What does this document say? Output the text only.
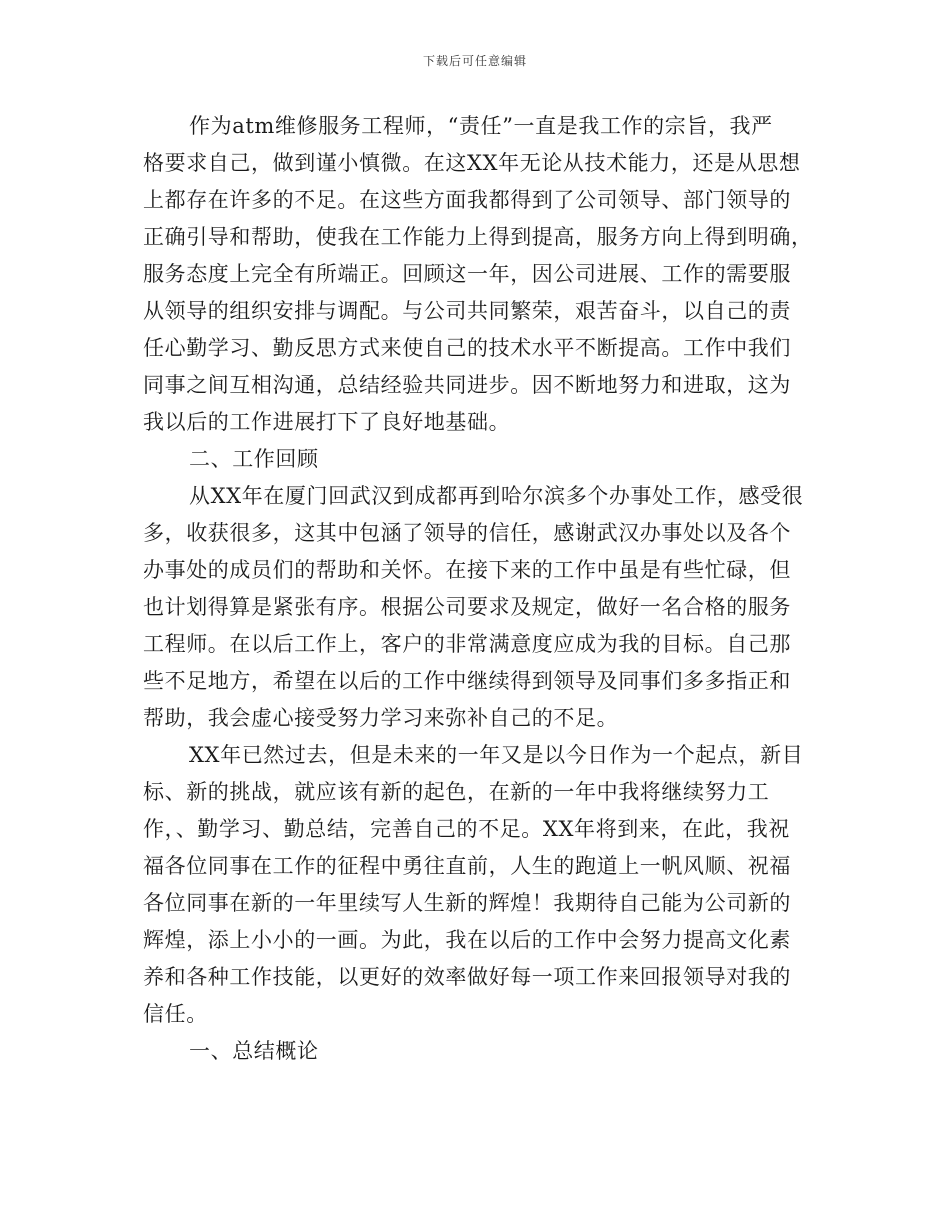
下载后可任意编辑
作为atm维修服务工程师，“责任”一直是我工作的宗旨，我严
格要求自己，做到谨小慎微。在这XX年无论从技术能力，还是从思想
上都存在许多的不足。在这些方面我都得到了公司领导、部门领导的
正确引导和帮助，使我在工作能力上得到提高，服务方向上得到明确，
服务态度上完全有所端正。回顾这一年，因公司进展、工作的需要服
从领导的组织安排与调配。与公司共同繁荣，艰苦奋斗，以自己的责
任心勤学习、勤反思方式来使自己的技术水平不断提高。工作中我们
同事之间互相沟通，总结经验共同进步。因不断地努力和进取，这为
我以后的工作进展打下了良好地基础。
二、工作回顾
从XX年在厦门回武汉到成都再到哈尔滨多个办事处工作，感受很
多，收获很多，这其中包涵了领导的信任，感谢武汉办事处以及各个
办事处的成员们的帮助和关怀。在接下来的工作中虽是有些忙碌，但
也计划得算是紧张有序。根据公司要求及规定，做好一名合格的服务
工程师。在以后工作上，客户的非常满意度应成为我的目标。自己那
些不足地方，希望在以后的工作中继续得到领导及同事们多多指正和
帮助，我会虚心接受努力学习来弥补自己的不足。
XX年已然过去，但是未来的一年又是以今日作为一个起点，新目
标、新的挑战，就应该有新的起色，在新的一年中我将继续努力工
作，、勤学习、勤总结，完善自己的不足。XX年将到来，在此，我祝
福各位同事在工作的征程中勇往直前，人生的跑道上一帆风顺、祝福
各位同事在新的一年里续写人生新的辉煌！我期待自己能为公司新的
辉煌，添上小小的一画。为此，我在以后的工作中会努力提高文化素
养和各种工作技能，以更好的效率做好每一项工作来回报领导对我的
信任。
一、总结概论
